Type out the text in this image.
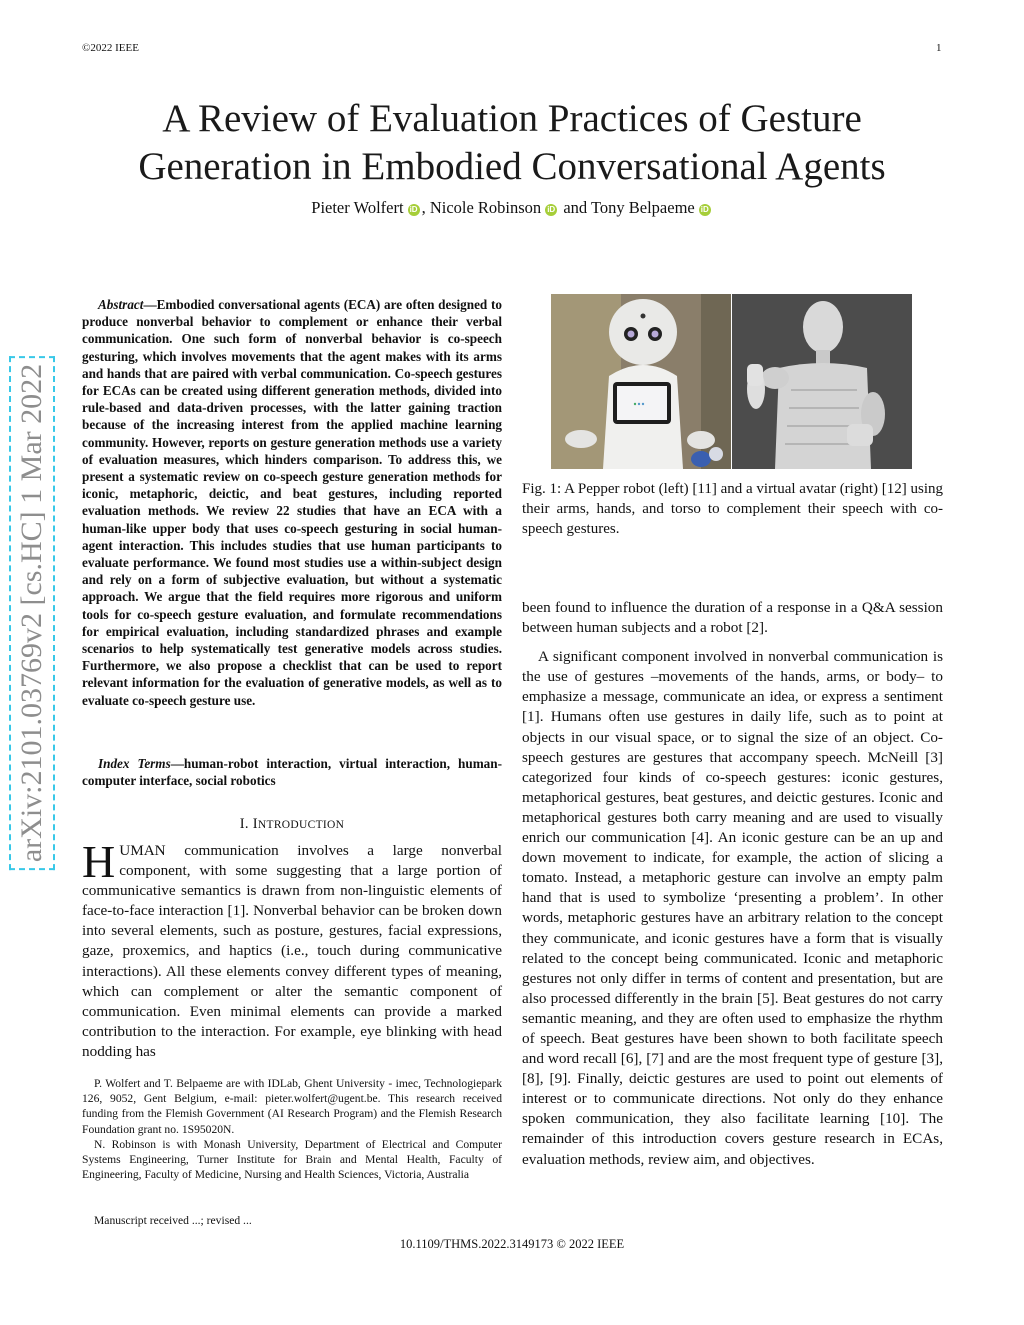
©2022 IEEE	1
arXiv:2101.03769v2 [cs.HC] 1 Mar 2022
A Review of Evaluation Practices of Gesture
Generation in Embodied Conversational Agents
Pieter Wolfert iD , Nicole Robinson iD and Tony Belpaeme iD

Abstract—Embodied conversational agents (ECA) are often designed to produce nonverbal behavior to complement or enhance their verbal communication. One such form of nonverbal behavior is co-speech gesturing, which involves movements that the agent makes with its arms and hands that are paired with verbal communication. Co-speech gestures for ECAs can be created using different generation methods, divided into rule-based and data-driven processes, with the latter gaining traction because of the increasing interest from the applied machine learning community. However, reports on gesture generation methods use a variety of evaluation measures, which hinders comparison. To address this, we present a systematic review on co-speech gesture generation methods for iconic, metaphoric, deictic, and beat gestures, including reported evaluation methods. We review 22 studies that have an ECA with a human-like upper body that uses co-speech gesturing in social human-agent interaction. This includes studies that use human participants to evaluate performance. We found most studies use a within-subject design and rely on a form of subjective evaluation, but without a systematic approach. We argue that the field requires more rigorous and uniform tools for co-speech gesture evaluation, and formulate recommendations for empirical evaluation, including standardized phrases and example scenarios to help systematically test generative models across studies. Furthermore, we also propose a checklist that can be used to report relevant information for the evaluation of generative models, as well as to evaluate co-speech gesture use.

Index Terms—human-robot interaction, virtual interaction, human-computer interface, social robotics

I. INTRODUCTION

HUMAN communication involves a large nonverbal component, with some suggesting that a large portion of communicative semantics is drawn from non-linguistic elements of face-to-face interaction [1]. Nonverbal behavior can be broken down into several elements, such as posture, gestures, facial expressions, gaze, proxemics, and haptics (i.e., touch during communicative interactions). All these elements convey different types of meaning, which can complement or alter the semantic component of communication. Even minimal elements can provide a marked contribution to the interaction. For example, eye blinking with head nodding has

P. Wolfert and T. Belpaeme are with IDLab, Ghent University - imec, Technologiepark 126, 9052, Gent Belgium, e-mail: pieter.wolfert@ugent.be. This research received funding from the Flemish Government (AI Research Program) and the Flemish Research Foundation grant no. 1S95020N.

N. Robinson is with Monash University, Department of Electrical and Computer Systems Engineering, Turner Institute for Brain and Mental Health, Faculty of Engineering, Faculty of Medicine, Nursing and Health Sciences, Victoria, Australia

Manuscript received ...; revised ...
Fig. 1: A Pepper robot (left) [11] and a virtual avatar (right) [12] using their arms, hands, and torso to complement their speech with co-speech gestures.

been found to influence the duration of a response in a Q&A session between human subjects and a robot [2].

A significant component involved in nonverbal communication is the use of gestures –movements of the hands, arms, or body– to emphasize a message, communicate an idea, or express a sentiment [1]. Humans often use gestures in daily life, such as to point at objects in our visual space, or to signal the size of an object. Co-speech gestures are gestures that accompany speech. McNeill [3] categorized four kinds of co-speech gestures: iconic gestures, metaphorical gestures, beat gestures, and deictic gestures. Iconic and metaphorical gestures both carry meaning and are used to visually enrich our communication [4]. An iconic gesture can be an up and down movement to indicate, for example, the action of slicing a tomato. Instead, a metaphoric gesture can involve an empty palm hand that is used to symbolize ‘presenting a problem’. In other words, metaphoric gestures have an arbitrary relation to the concept they communicate, and iconic gestures have a form that is visually related to the concept being communicated. Iconic and metaphoric gestures not only differ in terms of content and presentation, but are also processed differently in the brain [5]. Beat gestures do not carry semantic meaning, and they are often used to emphasize the rhythm of speech. Beat gestures have been shown to both facilitate speech and word recall [6], [7] and are the most frequent type of gesture [3], [8], [9]. Finally, deictic gestures are used to point out elements of interest or to communicate directions. Not only do they enhance spoken communication, they also facilitate learning [10]. The remainder of this introduction covers gesture research in ECAs, evaluation methods, review aim, and objectives.

10.1109/THMS.2022.3149173 © 2022 IEEE
